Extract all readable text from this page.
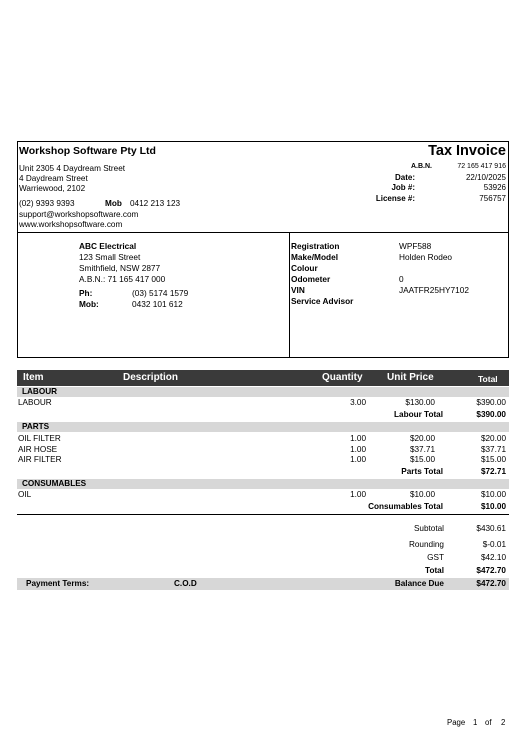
Workshop Software Pty Ltd	Tax Invoice
Unit 2305 4 Daydream Street
4 Daydream Street
Warriewood, 2102
(02) 9393 9393	Mob 0412 213 123
support@workshopsoftware.com
www.workshopsoftware.com
A.B.N.	72 165 417 916
Date:	22/10/2025
Job #:	53926
License #:	756757
ABC Electrical
123 Small Street
Smithfield, NSW 2877
A.B.N.: 71 165 417 000
Ph:	(03) 5174 1579
Mob:	0432 101 612
Registration	WPF588
Make/Model	Holden Rodeo
Colour
Odometer	0
VIN	JAATFR25HY7102
Service Advisor
Item	Description	Quantity Unit Price	Total
LABOUR
LABOUR	3.00	$130.00	$390.00
Labour Total	$390.00
PARTS
OIL FILTER	1.00	$20.00	$20.00
AIR HOSE	1.00	$37.71	$37.71
AIR FILTER	1.00	$15.00	$15.00
Parts Total	$72.71
CONSUMABLES
OIL	1.00	$10.00	$10.00
Consumables Total	$10.00
Subtotal	$430.61
Rounding	$-0.01
GST	$42.10
Total	$472.70
Payment Terms:	C.O.D	Balance Due	$472.70
Page 1 of 2
